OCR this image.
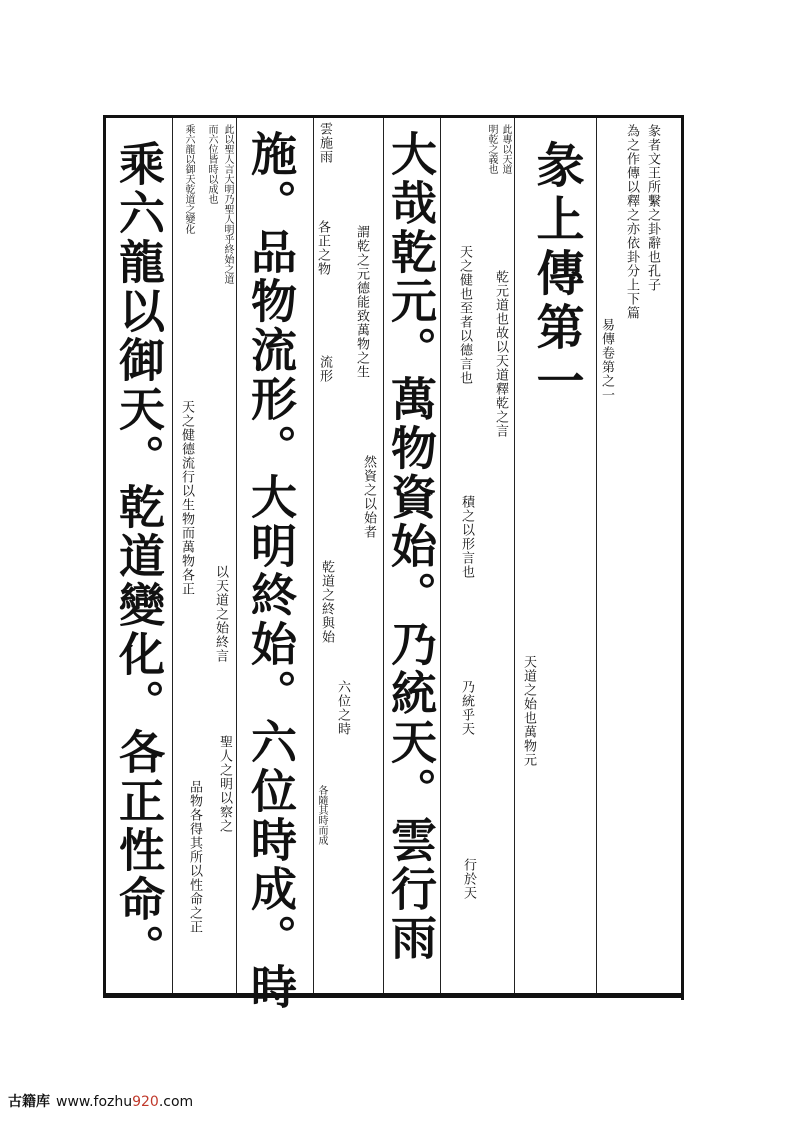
彖者文王所繫之卦辭也孔子
為之作傳以釋之亦依卦分上下篇
易傳卷第之一
彖上傳第一
此專以天道
明乾之義也
乾元道也故以天道釋乾之言
天道之始也萬物元
大哉乾元。萬物資始。乃統天。雲行雨 天之健也至者以德言也
積之以形言也
乃統乎天
行於天
謂乾之元德能致萬物之生
然資之以始者
雲施雨
各正之物
流形
乾道之終與始
六位之時
各隨其時而成
施。品物流形。大明終始。六位時成。時
此以聖人言大明乃聖人明乎終始之道
而六位皆時以成也
以天道之始終言
聖人之明以察之
乘六龍以御天乾道之變化
天之健德流行以生物而萬物各正
品物各得其所以性命之正
乘六龍以御天。乾道變化。各正性命。
古籍库 www.fozhu920.com
